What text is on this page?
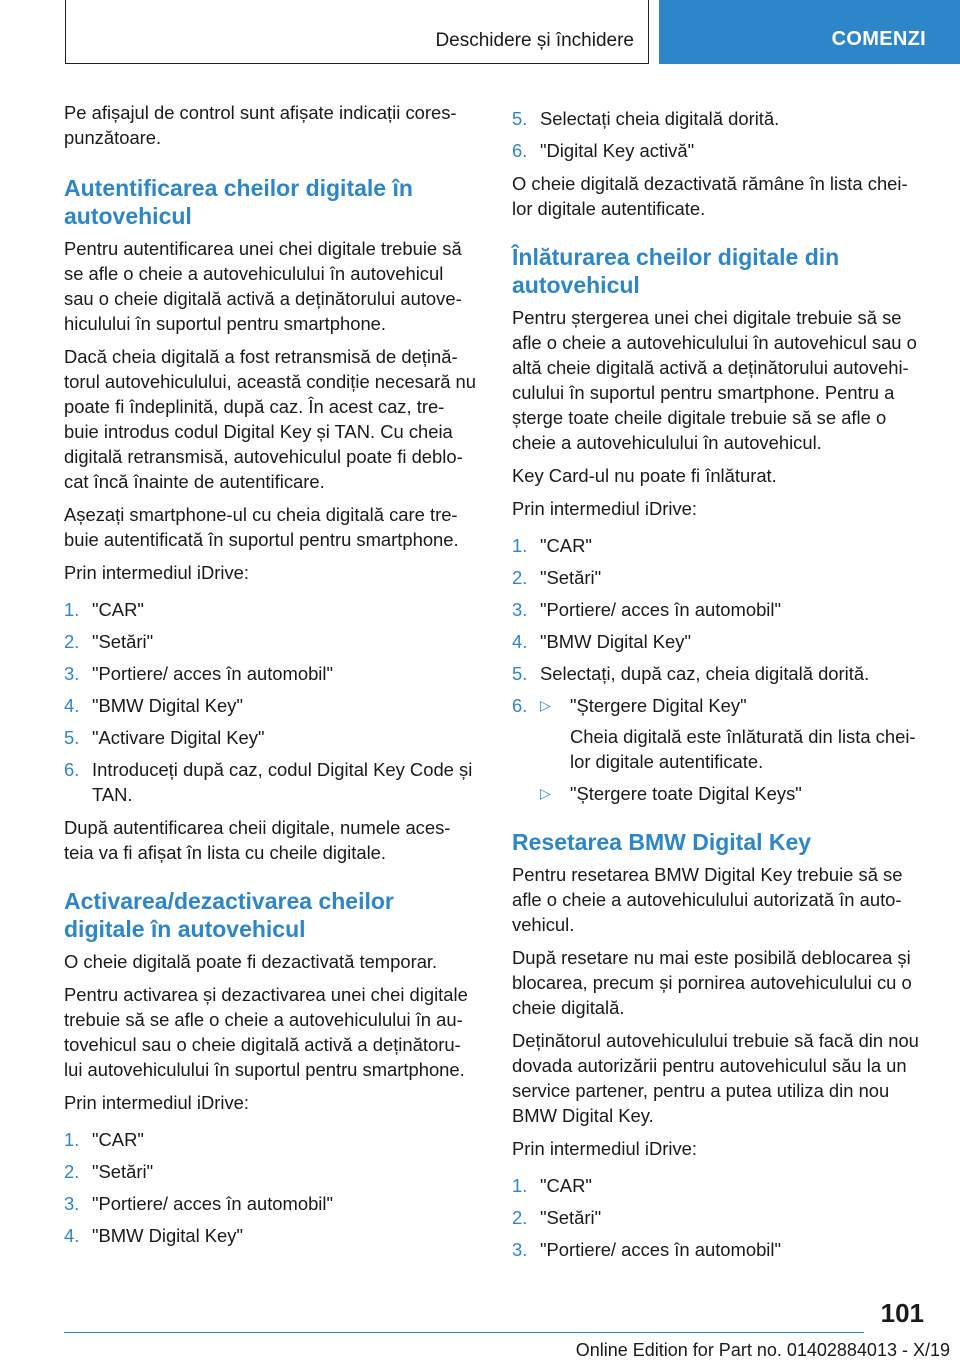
Deschidere și închidere	COMENZI

Pe afișajul de control sunt afișate indicații cores-punzătoare.

Autentificarea cheilor digitale în autovehicul

Pentru autentificarea unei chei digitale trebuie să se afle o cheie a autovehiculului în autovehicul sau o cheie digitală activă a deținătorului autove-hiculului în suportul pentru smartphone.

Dacă cheia digitală a fost retransmisă de dețină-torul autovehiculului, această condiție necesară nu poate fi îndeplinită, după caz. În acest caz, tre-buie introdus codul Digital Key și TAN. Cu cheia digitală retransmisă, autovehiculul poate fi deblo-cat încă înainte de autentificare.

Așezați smartphone-ul cu cheia digitală care tre-buie autentificată în suportul pentru smartphone.

Prin intermediul iDrive:

1. "CAR"
2. "Setări"
3. "Portiere/ acces în automobil"
4. "BMW Digital Key"
5. "Activare Digital Key"
6. Introduceți după caz, codul Digital Key Code și TAN.

După autentificarea cheii digitale, numele aces-teia va fi afișat în lista cu cheile digitale.

Activarea/dezactivarea cheilor digitale în autovehicul

O cheie digitală poate fi dezactivată temporar.

Pentru activarea și dezactivarea unei chei digitale trebuie să se afle o cheie a autovehiculului în au-tovehicul sau o cheie digitală activă a deținătoru-lui autovehiculului în suportul pentru smartphone.

Prin intermediul iDrive:

1. "CAR"
2. "Setări"
3. "Portiere/ acces în automobil"
4. "BMW Digital Key"
5. Selectați cheia digitală dorită.
6. "Digital Key activă"

O cheie digitală dezactivată rămâne în lista chei-lor digitale autentificate.

Înlăturarea cheilor digitale din autovehicul

Pentru ștergerea unei chei digitale trebuie să se afle o cheie a autovehiculului în autovehicul sau o altă cheie digitală activă a deținătorului autovehi-culului în suportul pentru smartphone. Pentru a șterge toate cheile digitale trebuie să se afle o cheie a autovehiculului în autovehicul.

Key Card-ul nu poate fi înlăturat.

Prin intermediul iDrive:

1. "CAR"
2. "Setări"
3. "Portiere/ acces în automobil"
4. "BMW Digital Key"
5. Selectați, după caz, cheia digitală dorită.
6. ▷ "Ștergere Digital Key"
Cheia digitală este înlăturată din lista chei-lor digitale autentificate.
▷ "Ștergere toate Digital Keys"
Resetarea BMW Digital Key

Pentru resetarea BMW Digital Key trebuie să se afle o cheie a autovehiculului autorizată în auto-vehicul.

După resetare nu mai este posibilă deblocarea și blocarea, precum și pornirea autovehiculului cu o cheie digitală.

Deținătorul autovehiculului trebuie să facă din nou dovada autorizării pentru autovehiculul său la un service partener, pentru a putea utiliza din nou BMW Digital Key.

Prin intermediul iDrive:

1. "CAR"
2. "Setări"
3. "Portiere/ acces în automobil"
101
Online Edition for Part no. 01402884013 - X/19
